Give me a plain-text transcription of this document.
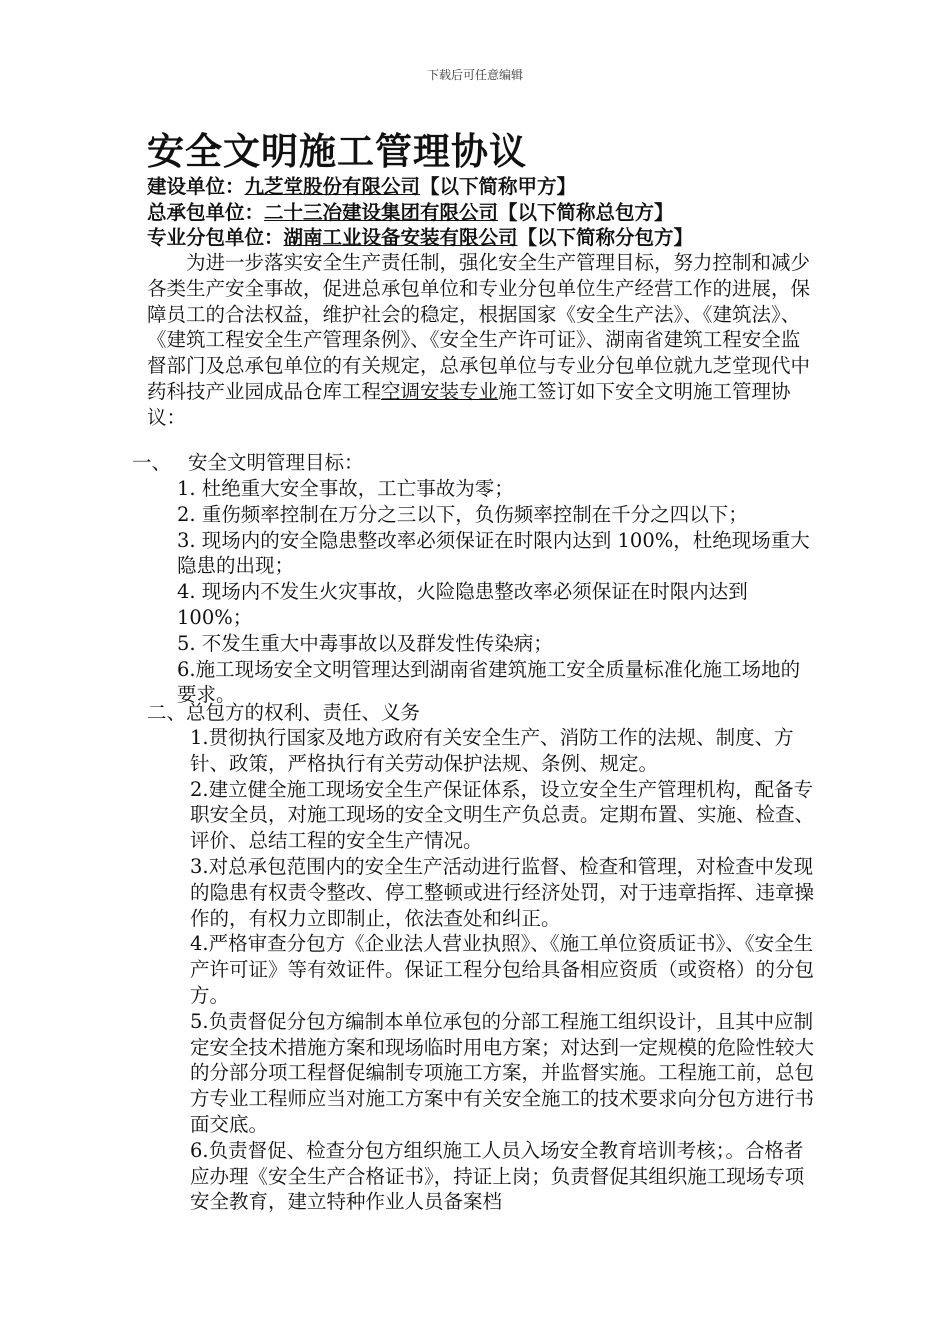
下载后可任意编辑
安全文明施工管理协议

建设单位：九芝堂股份有限公司【以下简称甲方】

总承包单位：二十三冶建设集团有限公司【以下简称总包方】

专业分包单位：湖南工业设备安装有限公司【以下简称分包方】

为进一步落实安全生产责任制，强化安全生产管理目标，努力控制和减少各类生产安全事故，促进总承包单位和专业分包单位生产经营工作的进展，保障员工的合法权益，维护社会的稳定，根据国家《安全生产法》、《建筑法》、《建筑工程安全生产管理条例》、《安全生产许可证》、湖南省建筑工程安全监督部门及总承包单位的有关规定，总承包单位与专业分包单位就九芝堂现代中药科技产业园成品仓库工程空调安装专业施工签订如下安全文明施工管理协议：

一、 安全文明管理目标：

1. 杜绝重大安全事故，工亡事故为零；

2. 重伤频率控制在万分之三以下，负伤频率控制在千分之四以下；

3. 现场内的安全隐患整改率必须保证在时限内达到 100%，杜绝现场重大隐患的出现；

4. 现场内不发生火灾事故，火险隐患整改率必须保证在时限内达到 100%；

5. 不发生重大中毒事故以及群发性传染病；

6.施工现场安全文明管理达到湖南省建筑施工安全质量标准化施工场地的要求。

二、总包方的权利、责任、义务

1.贯彻执行国家及地方政府有关安全生产、消防工作的法规、制度、方针、政策，严格执行有关劳动保护法规、条例、规定。

2.建立健全施工现场安全生产保证体系，设立安全生产管理机构，配备专职安全员，对施工现场的安全文明生产负总责。定期布置、实施、检查、评价、总结工程的安全生产情况。

3.对总承包范围内的安全生产活动进行监督、检查和管理，对检查中发现的隐患有权责令整改、停工整顿或进行经济处罚，对于违章指挥、违章操作的，有权力立即制止，依法查处和纠正。

4.严格审查分包方《企业法人营业执照》、《施工单位资质证书》、《安全生产许可证》等有效证件。保证工程分包给具备相应资质（或资格）的分包方。

5.负责督促分包方编制本单位承包的分部工程施工组织设计，且其中应制定安全技术措施方案和现场临时用电方案；对达到一定规模的危险性较大的分部分项工程督促编制专项施工方案，并监督实施。工程施工前，总包方专业工程师应当对施工方案中有关安全施工的技术要求向分包方进行书面交底。

6.负责督促、检查分包方组织施工人员入场安全教育培训考核；。合格者应办理《安全生产合格证书》，持证上岗；负责督促其组织施工现场专项安全教育，建立特种作业人员备案档
